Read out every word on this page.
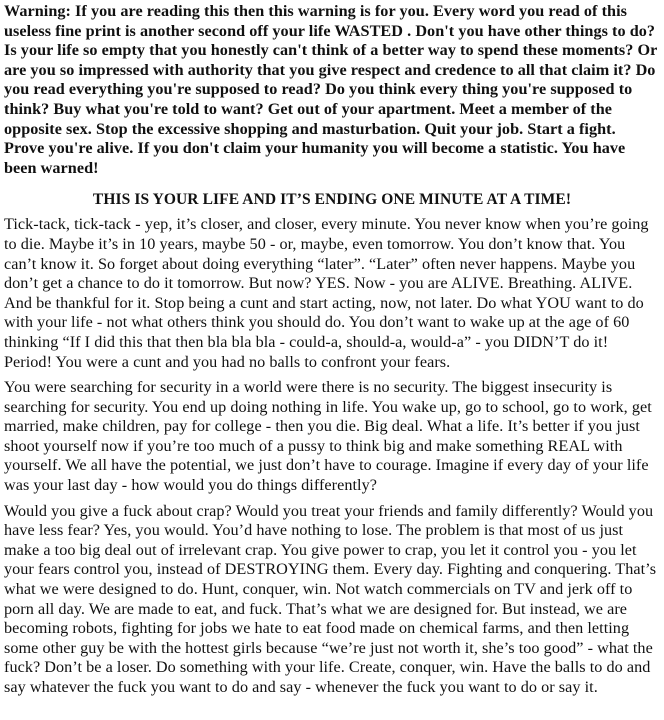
Warning: If you are reading this then this warning is for you. Every word you read of this useless fine print is another second off your life WASTED . Don't you have other things to do? Is your life so empty that you honestly can't think of a better way to spend these moments? Or are you so impressed with authority that you give respect and credence to all that claim it? Do you read everything you're supposed to read? Do you think every thing you're supposed to think? Buy what you're told to want? Get out of your apartment. Meet a member of the opposite sex. Stop the excessive shopping and masturbation. Quit your job. Start a fight. Prove you're alive. If you don't claim your humanity you will become a statistic. You have been warned!

THIS IS YOUR LIFE AND IT’S ENDING ONE MINUTE AT A TIME!

Tick-tack, tick-tack - yep, it’s closer, and closer, every minute. You never know when you’re going to die. Maybe it’s in 10 years, maybe 50 - or, maybe, even tomorrow. You don’t know that. You can’t know it. So forget about doing everything “later”. “Later” often never happens. Maybe you don’t get a chance to do it tomorrow. But now? YES. Now - you are ALIVE. Breathing. ALIVE. And be thankful for it. Stop being a cunt and start acting, now, not later. Do what YOU want to do with your life - not what others think you should do. You don’t want to wake up at the age of 60 thinking “If I did this that then bla bla bla - could-a, should-a, would-a” - you DIDN’T do it! Period! You were a cunt and you had no balls to confront your fears.

You were searching for security in a world were there is no security. The biggest insecurity is searching for security. You end up doing nothing in life. You wake up, go to school, go to work, get married, make children, pay for college - then you die. Big deal. What a life. It’s better if you just shoot yourself now if you’re too much of a pussy to think big and make something REAL with yourself. We all have the potential, we just don’t have to courage. Imagine if every day of your life was your last day - how would you do things differently?

Would you give a fuck about crap? Would you treat your friends and family differently? Would you have less fear? Yes, you would. You’d have nothing to lose. The problem is that most of us just make a too big deal out of irrelevant crap. You give power to crap, you let it control you - you let your fears control you, instead of DESTROYING them. Every day. Fighting and conquering. That’s what we were designed to do. Hunt, conquer, win. Not watch commercials on TV and jerk off to porn all day. We are made to eat, and fuck. That’s what we are designed for. But instead, we are becoming robots, fighting for jobs we hate to eat food made on chemical farms, and then letting some other guy be with the hottest girls because “we’re just not worth it, she’s too good” - what the fuck? Don’t be a loser. Do something with your life. Create, conquer, win. Have the balls to do and say whatever the fuck you want to do and say - whenever the fuck you want to do or say it.
